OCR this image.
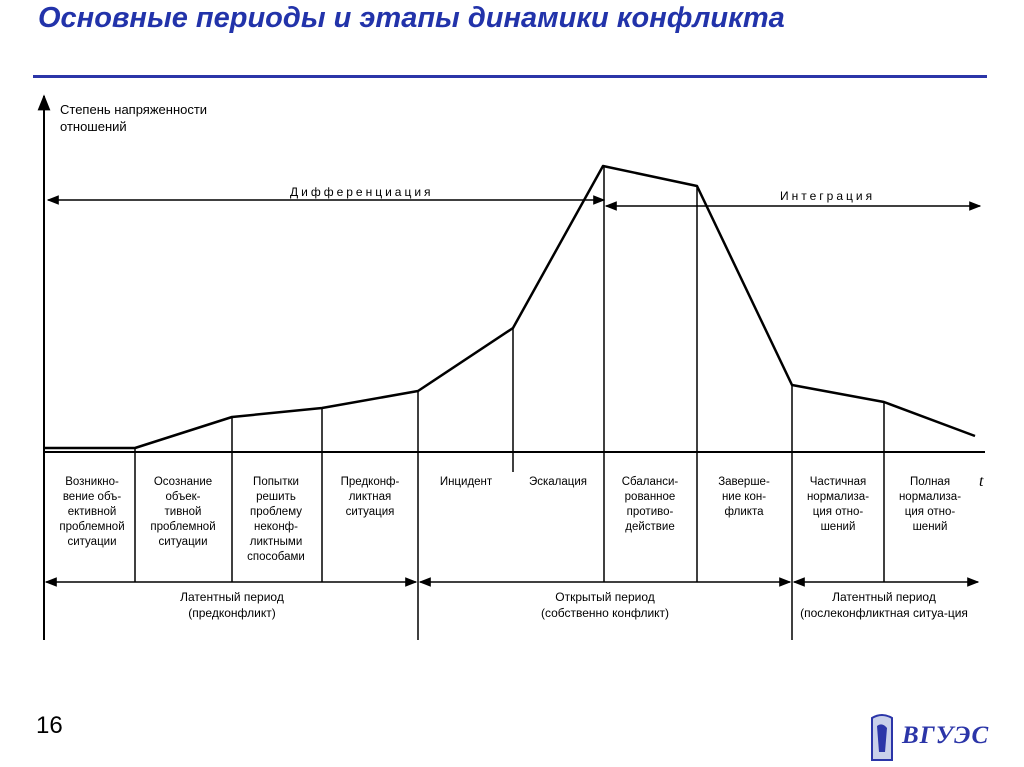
Основные периоды и этапы динамики конфликта
Степень напряженности
отношений
t
Дифференциация	Интеграция
Возникно-вение объ-ективной проблемной ситуации
Осознание объек-тивной проблемной ситуации
Попытки решить проблему неконф-ликтными способами
Предконф-ликтная ситуация
Инцидент	Эскалация	Сбаланси-рованное противо-действие
Заверше-ние кон-фликта
Частичная нормализа-ция отно-шений
Полная нормализа-ция отно-шений
Латентный период (предконфликт)
Открытый период (собственно конфликт)
Латентный период (послеконфликтная ситуа-ция
16	ВГУЭС
